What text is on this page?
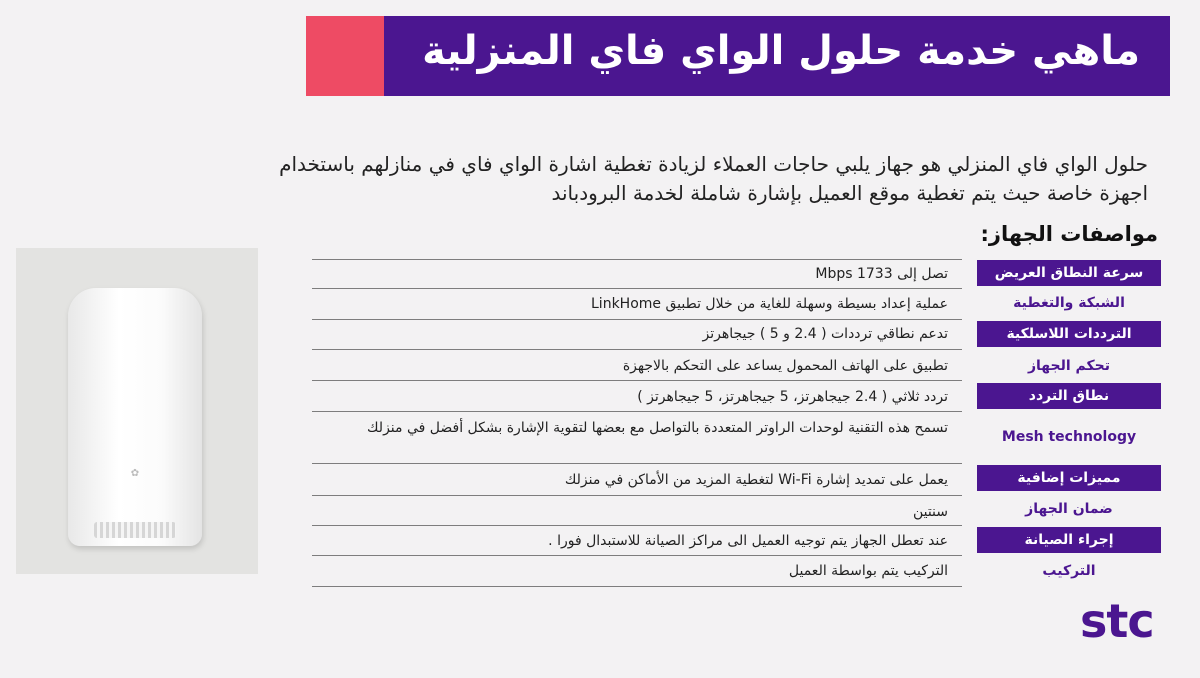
ماهي خدمة حلول الواي فاي المنزلية
حلول الواي فاي المنزلي هو جهاز يلبي حاجات العملاء لزيادة تغطية اشارة الواي فاي في منازلهم باستخدام اجهزة خاصة حيث يتم تغطية موقع العميل بإشارة شاملة لخدمة البرودباند
مواصفات الجهاز:
✿
تصل إلى 1733 Mbps
عملية إعداد بسيطة وسهلة للغاية من خلال تطبيق LinkHome
تدعم نطاقي ترددات ( 2.4 و 5 ) جيجاهرتز
تطبيق على الهاتف المحمول يساعد على التحكم بالاجهزة
تردد ثلاثي ( 2.4 جيجاهرتز، 5 جيجاهرتز، 5 جيجاهرتز )
تسمح هذه التقنية لوحدات الراوتر المتعددة بالتواصل مع بعضها لتقوية الإشارة بشكل أفضل في منزلك
يعمل على تمديد إشارة Wi-Fi لتغطية المزيد من الأماكن في منزلك
سنتين
عند تعطل الجهاز يتم توجيه العميل الى مراكز الصيانة للاستبدال فورا .
التركيب يتم بواسطة العميل
سرعة النطاق العريض
الشبكة والتغطية
الترددات اللاسلكية
تحكم الجهاز
نطاق التردد
Mesh technology
مميزات إضافية
ضمان الجهاز
إجراء الصيانة
التركيب
stc
